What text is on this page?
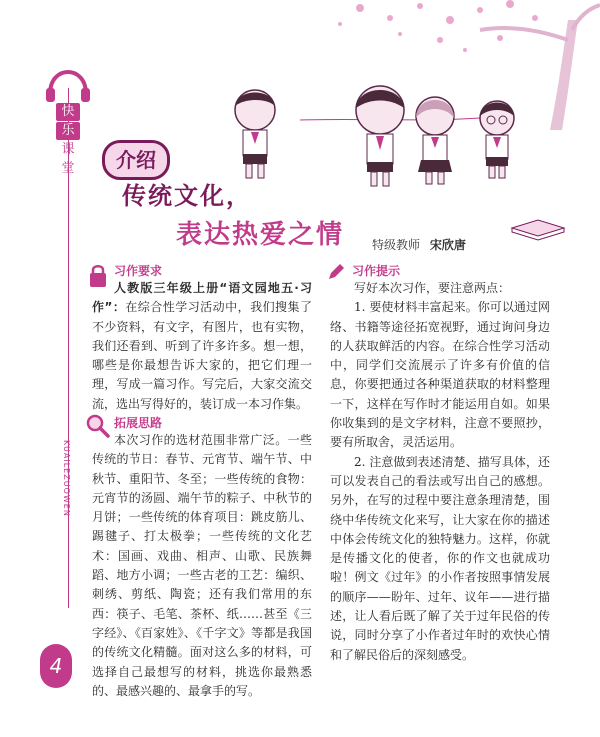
快
乐
课
堂
KUAILEZUOWEN
4
介绍
传统文化，
表达热爱之情 特级教师 宋欣唐
习作要求

人教版三年级上册“语文园地五·习作”：在综合性学习活动中，我们搜集了不少资料，有文字，有图片，也有实物，我们还看到、听到了许多许多。想一想，哪些是你最想告诉大家的，把它们理一理，写成一篇习作。写完后，大家交流交流，选出写得好的，装订成一本习作集。

拓展思路

本次习作的选材范围非常广泛。一些传统的节日：春节、元宵节、端午节、中秋节、重阳节、冬至；一些传统的食物：元宵节的汤圆、端午节的粽子、中秋节的月饼；一些传统的体育项目：跳皮筋儿、踢毽子、打太极拳；一些传统的文化艺术：国画、戏曲、相声、山歌、民族舞蹈、地方小调；一些古老的工艺：编织、刺绣、剪纸、陶瓷；还有我们常用的东西：筷子、毛笔、茶杯、纸……甚至《三字经》、《百家姓》、《千字文》等都是我国的传统文化精髓。面对这么多的材料，可选择自己最想写的材料，挑选你最熟悉的、最感兴趣的、最拿手的写。

习作提示

写好本次习作，要注意两点：

1. 要使材料丰富起来。你可以通过网络、书籍等途径拓宽视野，通过询问身边的人获取鲜活的内容。在综合性学习活动中，同学们交流展示了许多有价值的信息，你要把通过各种渠道获取的材料整理一下，这样在写作时才能运用自如。如果你收集到的是文字材料，注意不要照抄，要有所取舍，灵活运用。

2. 注意做到表述清楚、描写具体，还可以发表自己的看法或写出自己的感想。另外，在写的过程中要注意条理清楚，围绕中华传统文化来写，让大家在你的描述中体会传统文化的独特魅力。这样，你就是传播文化的使者，你的作文也就成功啦！例文《过年》的小作者按照事情发展的顺序——盼年、过年、议年——进行描述，让人看后既了解了关于过年民俗的传说，同时分享了小作者过年时的欢快心情和了解民俗后的深刻感受。
